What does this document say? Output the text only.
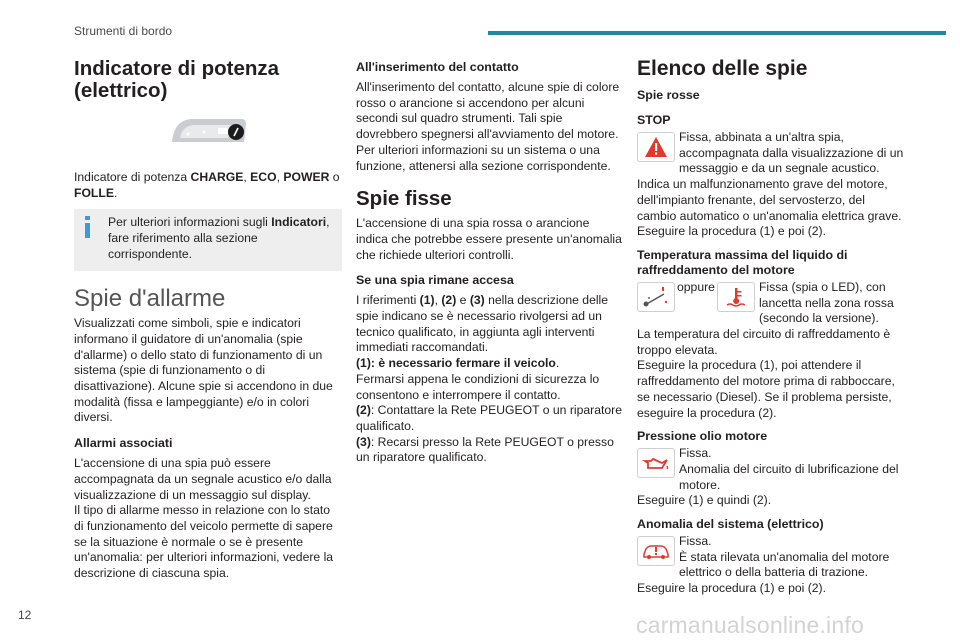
Strumenti di bordo
12
Indicatore di potenza
(elettrico)

Indicatore di potenza CHARGE, ECO, POWER o FOLLE.

Per ulteriori informazioni sugli Indicatori, fare riferimento alla sezione corrispondente.
Spie d'allarme

Visualizzati come simboli, spie e indicatori informano il guidatore di un'anomalia (spie d'allarme) o dello stato di funzionamento di un sistema (spie di funzionamento o di disattivazione). Alcune spie si accendono in due modalità (fissa e lampeggiante) e/o in colori diversi.

Allarmi associati

L'accensione di una spia può essere accompagnata da un segnale acustico e/o dalla visualizzazione di un messaggio sul display.

Il tipo di allarme messo in relazione con lo stato di funzionamento del veicolo permette di sapere se la situazione è normale o se è presente un'anomalia: per ulteriori informazioni, vedere la descrizione di ciascuna spia.

All'inserimento del contatto

All'inserimento del contatto, alcune spie di colore rosso o arancione si accendono per alcuni secondi sul quadro strumenti. Tali spie dovrebbero spegnersi all'avviamento del motore. Per ulteriori informazioni su un sistema o una funzione, attenersi alla sezione corrispondente.

Spie fisse

L'accensione di una spia rossa o arancione indica che potrebbe essere presente un'anomalia che richiede ulteriori controlli.

Se una spia rimane accesa

I riferimenti (1), (2) e (3) nella descrizione delle spie indicano se è necessario rivolgersi ad un tecnico qualificato, in aggiunta agli interventi immediati raccomandati.

(1): è necessario fermare il veicolo.
Fermarsi appena le condizioni di sicurezza lo consentono e interrompere il contatto.

(2): Contattare la Rete PEUGEOT o un riparatore qualificato.

(3): Recarsi presso la Rete PEUGEOT o presso un riparatore qualificato.

Elenco delle spie
Spie rosse
STOP
Fissa, abbinata a un'altra spia, accompagnata dalla visualizzazione di un messaggio e da un segnale acustico.
Indica un malfunzionamento grave del motore, dell'impianto frenante, del servosterzo, del cambio automatico o un'anomalia elettrica grave.
Eseguire la procedura (1) e poi (2).
Temperatura massima del liquido di raffreddamento del motore
oppure	Fissa (spia o LED), con lancetta nella zona rossa (secondo la versione).
La temperatura del circuito di raffreddamento è troppo elevata.
Eseguire la procedura (1), poi attendere il raffreddamento del motore prima di rabboccare, se necessario (Diesel). Se il problema persiste, eseguire la procedura (2).
Pressione olio motore
Fissa.
Anomalia del circuito di lubrificazione del motore.
Eseguire (1) e quindi (2).
Anomalia del sistema (elettrico)
Fissa.
È stata rilevata un'anomalia del motore elettrico o della batteria di trazione.
Eseguire la procedura (1) e poi (2).
carmanualsonline.info
